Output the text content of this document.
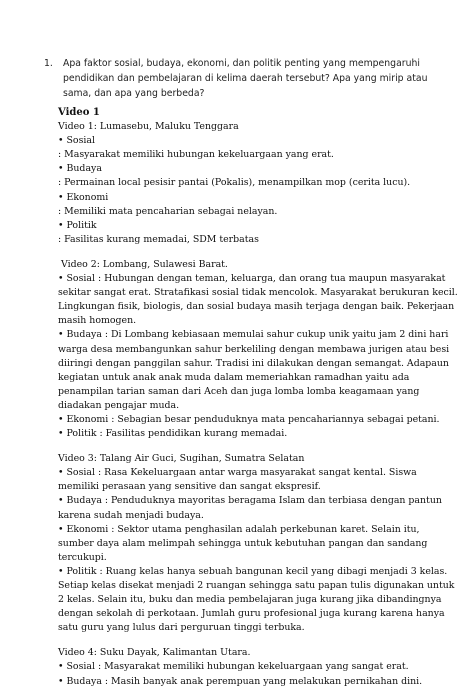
1.	Apa faktor sosial, budaya, ekonomi, dan politik penting yang mempengaruhi pendidikan dan pembelajaran di kelima daerah tersebut? Apa yang mirip atau sama, dan apa yang berbeda?

Video 1

Video 1: Lumasebu, Maluku Tenggara

• Sosial

: Masyarakat memiliki hubungan kekeluargaan yang erat.

• Budaya

: Permainan local pesisir pantai (Pokalis), menampilkan mop (cerita lucu).

• Ekonomi

: Memiliki mata pencaharian sebagai nelayan.

• Politik

: Fasilitas kurang memadai, SDM terbatas

Video 2: Lombang, Sulawesi Barat.

• Sosial : Hubungan dengan teman, keluarga, dan orang tua maupun masyarakat sekitar sangat erat. Stratafikasi sosial tidak mencolok. Masyarakat berukuran kecil. Lingkungan fisik, biologis, dan sosial budaya masih terjaga dengan baik. Pekerjaan masih homogen.

• Budaya : Di Lombang kebiasaan memulai sahur cukup unik yaitu jam 2 dini hari warga desa membangunkan sahur berkeliling dengan membawa jurigen atau besi diiringi dengan panggilan sahur. Tradisi ini dilakukan dengan semangat. Adapaun kegiatan untuk anak anak muda dalam memeriahkan ramadhan yaitu ada penampilan tarian saman dari Aceh dan juga lomba lomba keagamaan yang diadakan pengajar muda.

• Ekonomi : Sebagian besar penduduknya mata pencahariannya sebagai petani.

• Politik : Fasilitas pendidikan kurang memadai.

Video 3: Talang Air Guci, Sugihan, Sumatra Selatan

• Sosial : Rasa Kekeluargaan antar warga masyarakat sangat kental. Siswa memiliki perasaan yang sensitive dan sangat ekspresif.

• Budaya : Penduduknya mayoritas beragama Islam dan terbiasa dengan pantun karena sudah menjadi budaya.

• Ekonomi : Sektor utama penghasilan adalah perkebunan karet. Selain itu, sumber daya alam melimpah sehingga untuk kebutuhan pangan dan sandang tercukupi.

• Politik : Ruang kelas hanya sebuah bangunan kecil yang dibagi menjadi 3 kelas. Setiap kelas disekat menjadi 2 ruangan sehingga satu papan tulis digunakan untuk 2 kelas. Selain itu, buku dan media pembelajaran juga kurang jika dibandingnya dengan sekolah di perkotaan. Jumlah guru profesional juga kurang karena hanya satu guru yang lulus dari perguruan tinggi terbuka.

Video 4: Suku Dayak, Kalimantan Utara.

• Sosial : Masyarakat memiliki hubungan kekeluargaan yang sangat erat.

• Budaya : Masih banyak anak perempuan yang melakukan pernikahan dini.
